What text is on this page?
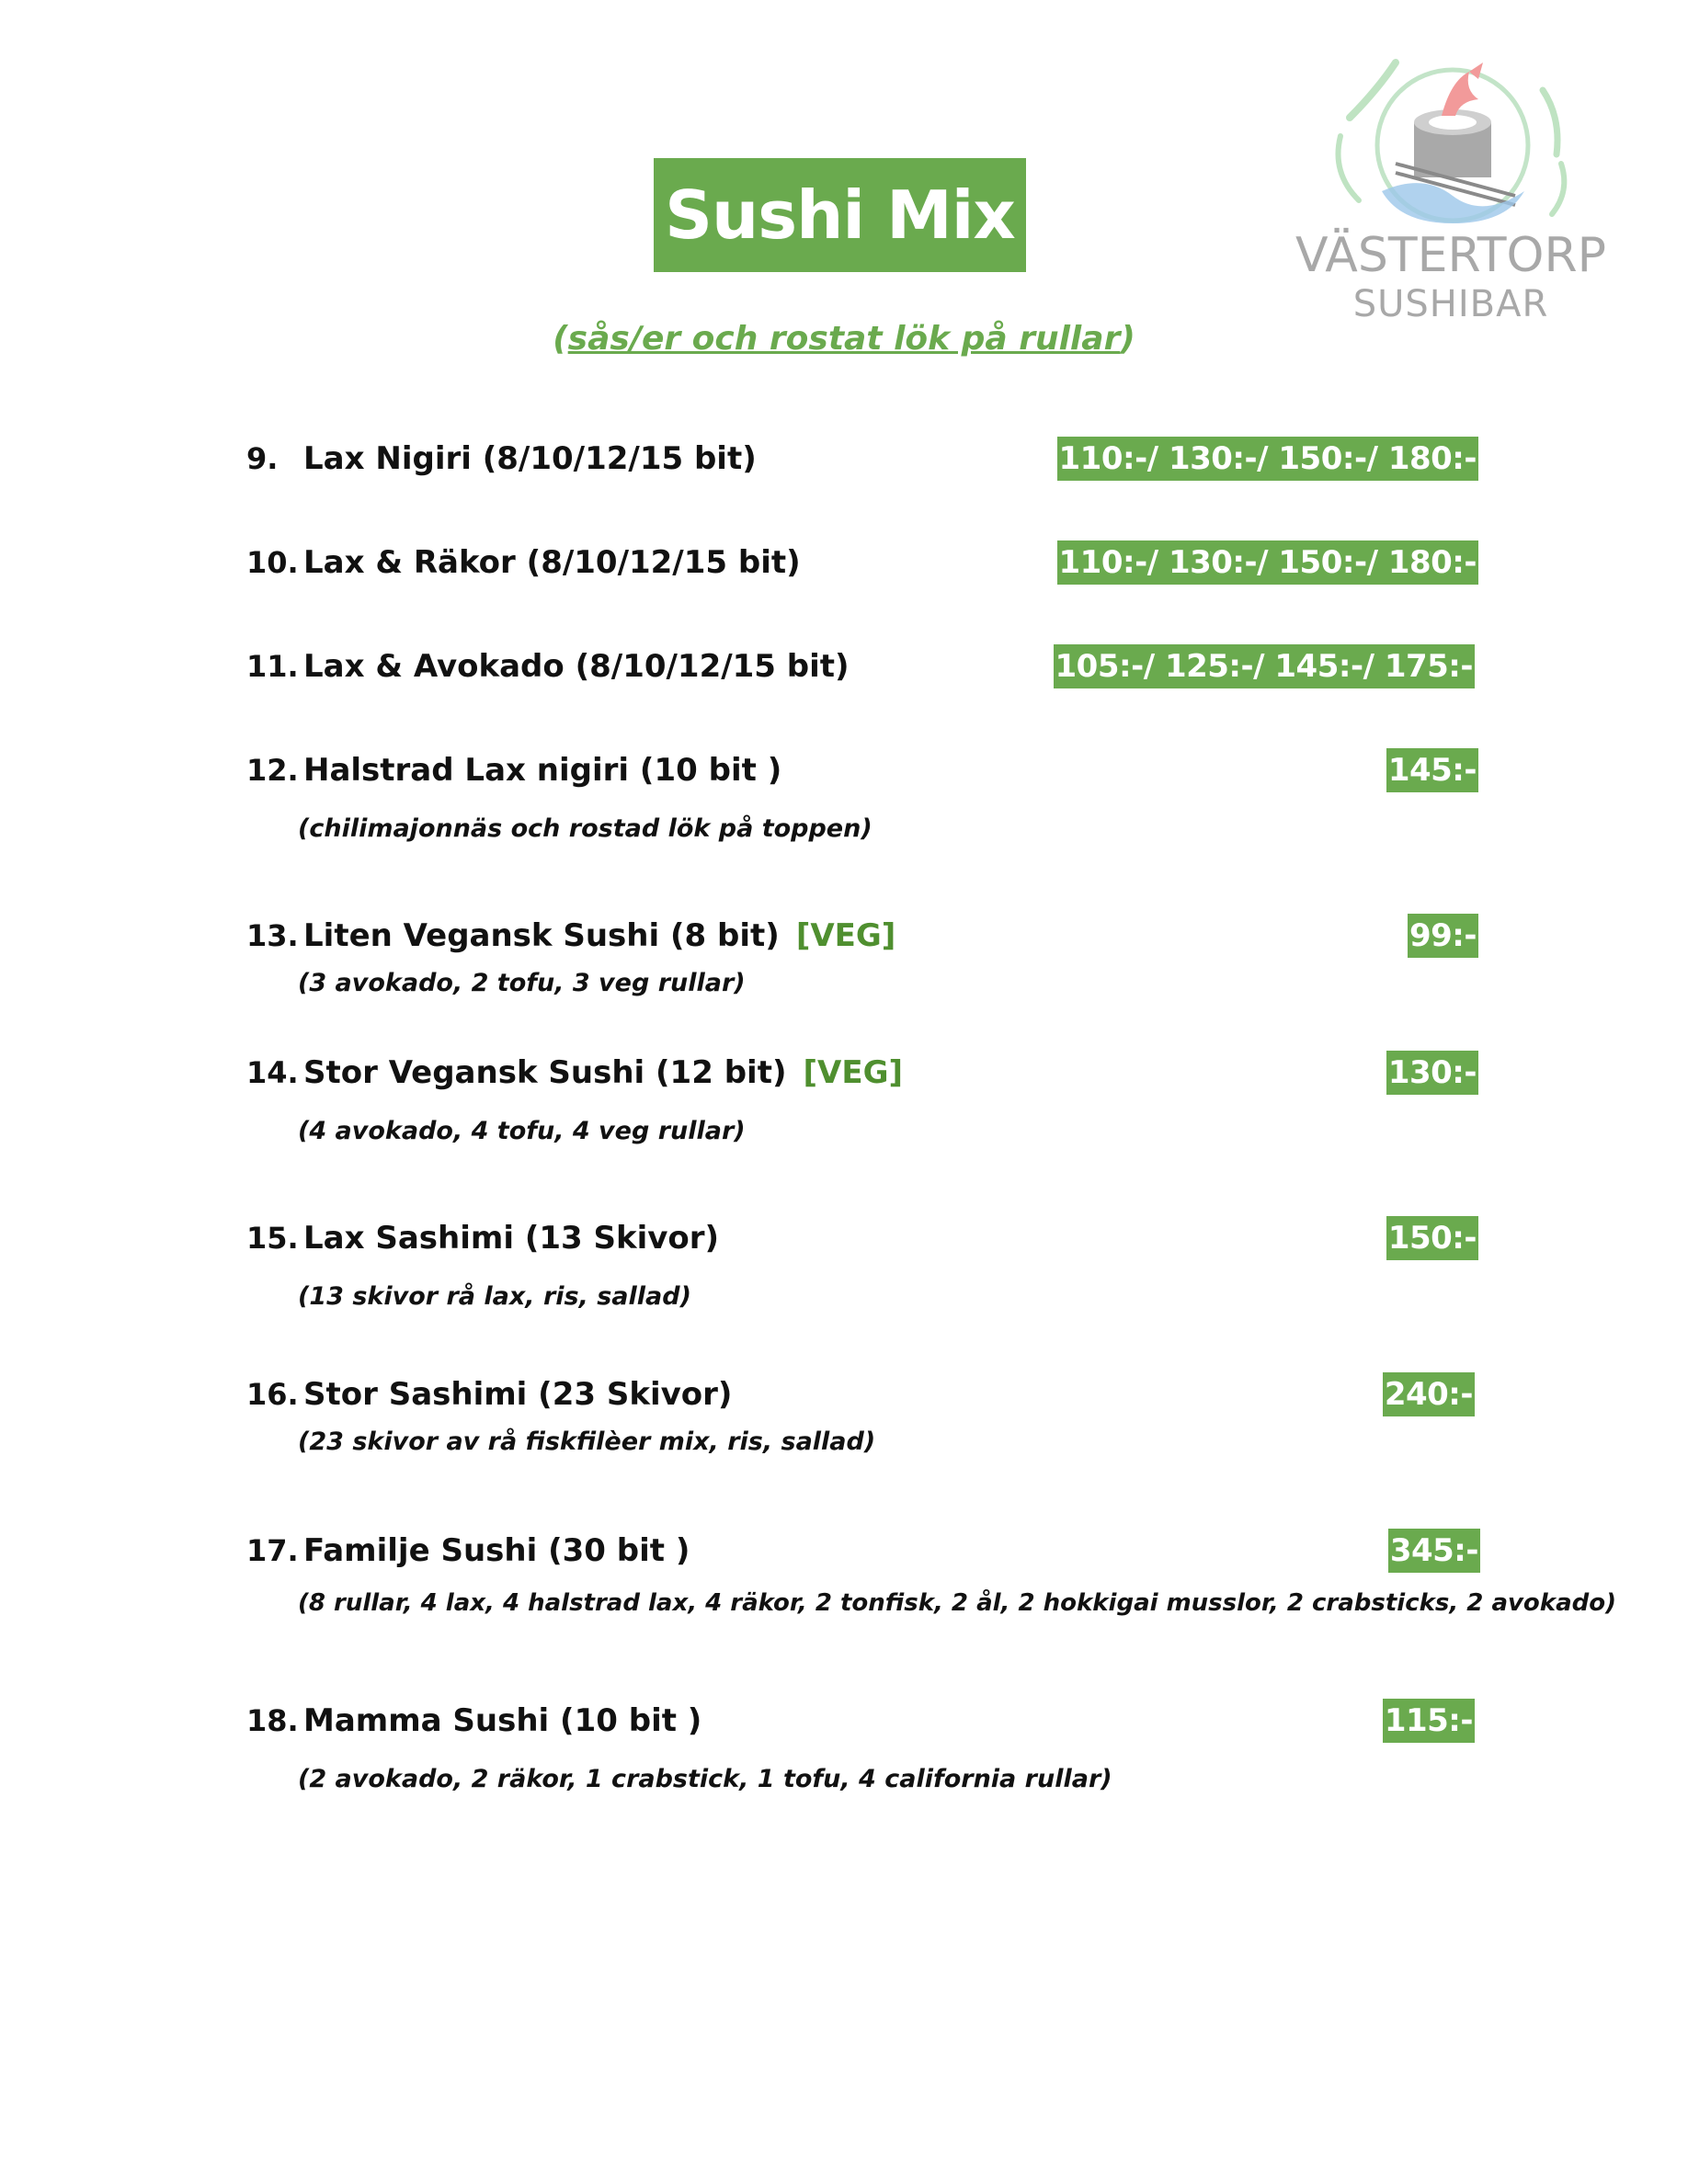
Sushi Mix
(sås/er och rostat lök på rullar)
VÄSTERTORP
SUSHIBAR
9. Lax Nigiri (8/10/12/15 bit)	110:-/ 130:-/ 150:-/ 180:-
10. Lax & Räkor (8/10/12/15 bit)	110:-/ 130:-/ 150:-/ 180:-
11. Lax & Avokado (8/10/12/15 bit)	105:-/ 125:-/ 145:-/ 175:-
12. Halstrad Lax nigiri (10 bit )	145:-
(chilimajonnäs och rostad lök på toppen)
13. Liten Vegansk Sushi (8 bit) [VEG]	99:-
(3 avokado, 2 tofu, 3 veg rullar)
14. Stor Vegansk Sushi (12 bit) [VEG]	130:-
(4 avokado, 4 tofu, 4 veg rullar)
15. Lax Sashimi (13 Skivor)	150:-
(13 skivor rå lax, ris, sallad)
16. Stor Sashimi (23 Skivor)	240:-
(23 skivor av rå fiskfilèer mix, ris, sallad)
17. Familje Sushi (30 bit )	345:-
(8 rullar, 4 lax, 4 halstrad lax, 4 räkor, 2 tonfisk, 2 ål, 2 hokkigai musslor, 2 crabsticks, 2 avokado)
18. Mamma Sushi (10 bit )	115:-
(2 avokado, 2 räkor, 1 crabstick, 1 tofu, 4 california rullar)
